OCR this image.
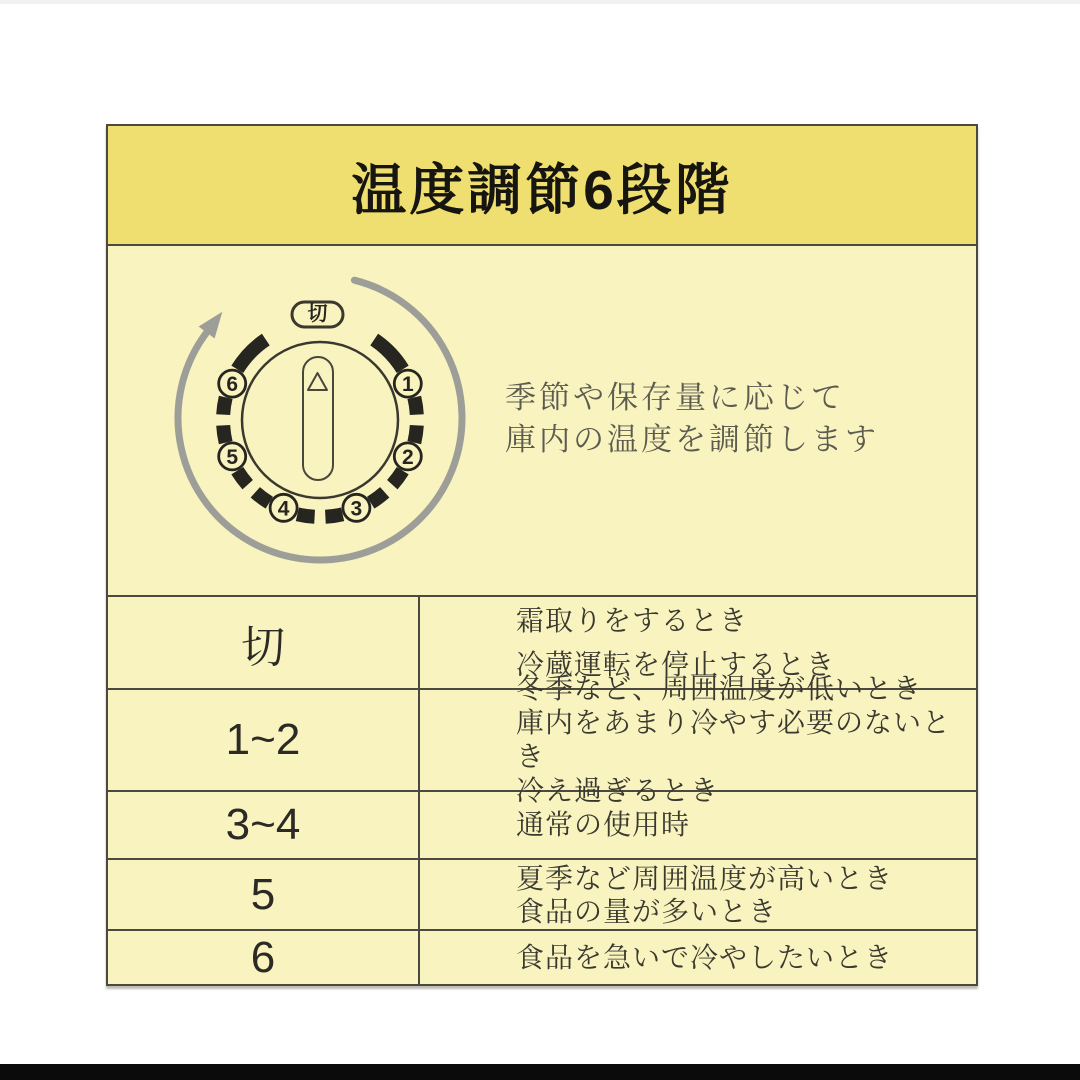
温度調節6段階
1
2
3
4
5
6
切
季節や保存量に応じて
庫内の温度を調節します
切
霜取りをするとき
冷蔵運転を停止するとき
1~2
冬季など、周囲温度が低いとき
庫内をあまり冷やす必要のないとき
冷え過ぎるとき
3~4	通常の使用時
5	夏季など周囲温度が高いとき
食品の量が多いとき
6	食品を急いで冷やしたいとき
